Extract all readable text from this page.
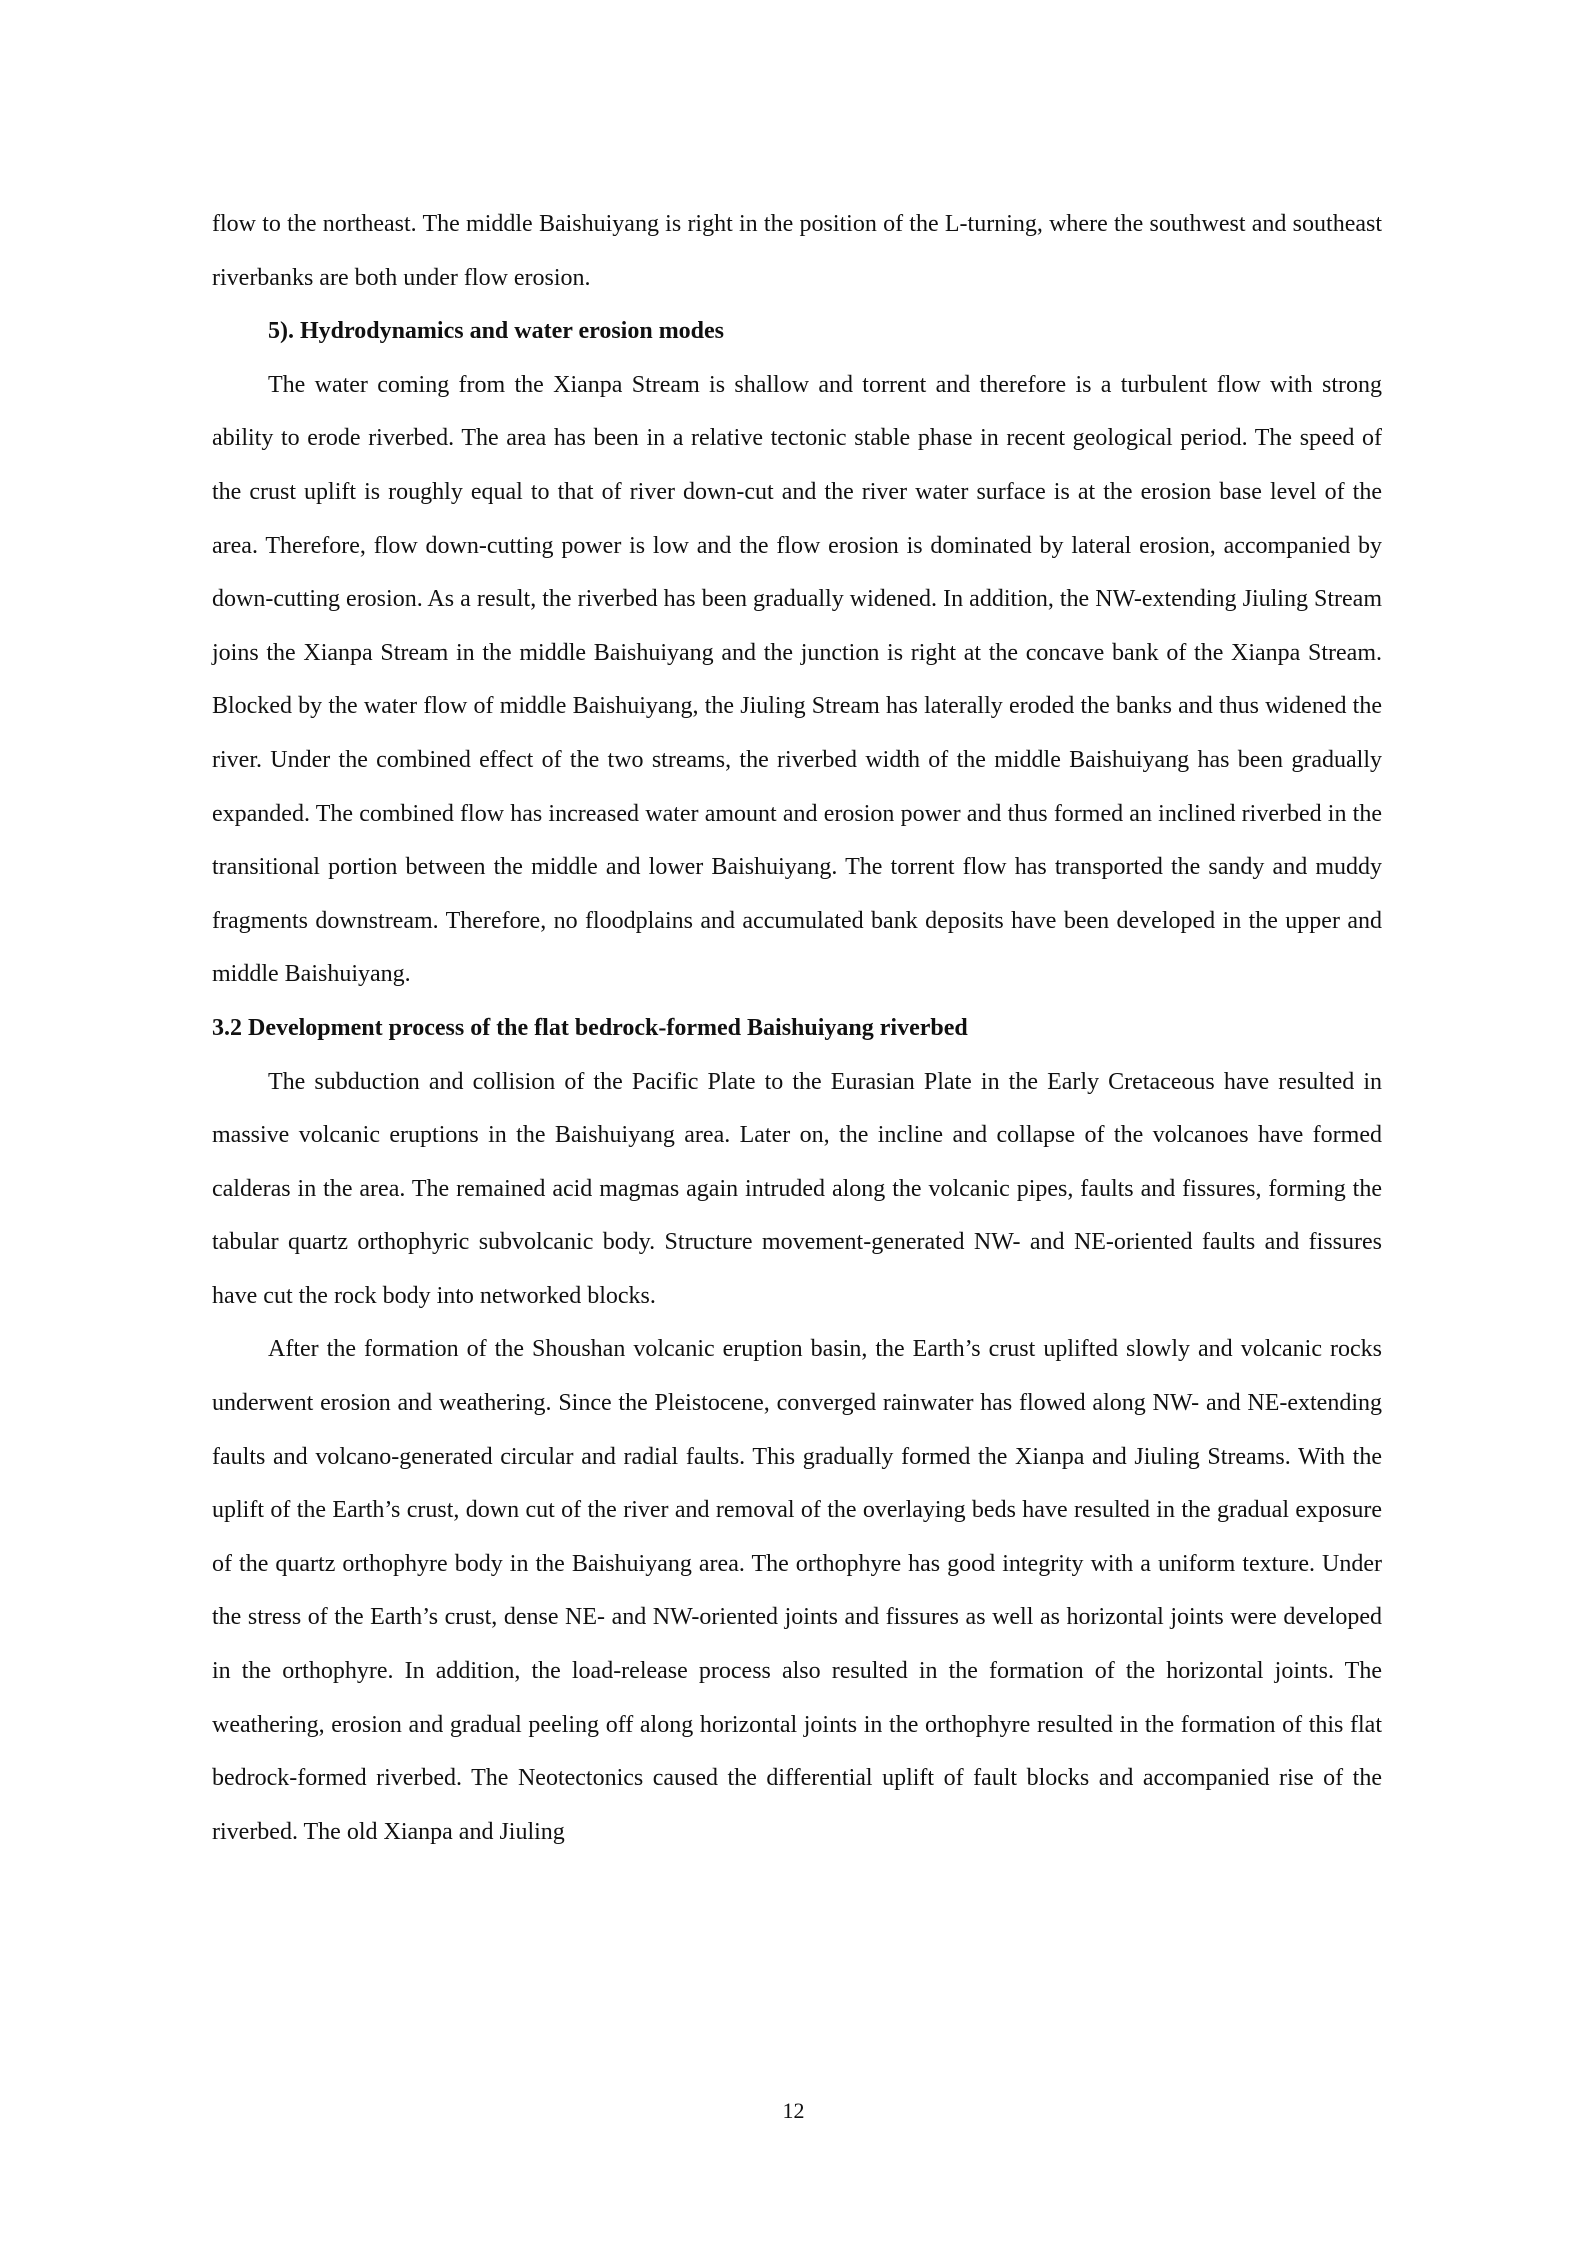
flow to the northeast. The middle Baishuiyang is right in the position of the L-turning, where the southwest and southeast riverbanks are both under flow erosion.

5). Hydrodynamics and water erosion modes

The water coming from the Xianpa Stream is shallow and torrent and therefore is a turbulent flow with strong ability to erode riverbed. The area has been in a relative tectonic stable phase in recent geological period. The speed of the crust uplift is roughly equal to that of river down-cut and the river water surface is at the erosion base level of the area. Therefore, flow down-cutting power is low and the flow erosion is dominated by lateral erosion, accompanied by down-cutting erosion. As a result, the riverbed has been gradually widened. In addition, the NW-extending Jiuling Stream joins the Xianpa Stream in the middle Baishuiyang and the junction is right at the concave bank of the Xianpa Stream. Blocked by the water flow of middle Baishuiyang, the Jiuling Stream has laterally eroded the banks and thus widened the river. Under the combined effect of the two streams, the riverbed width of the middle Baishuiyang has been gradually expanded. The combined flow has increased water amount and erosion power and thus formed an inclined riverbed in the transitional portion between the middle and lower Baishuiyang. The torrent flow has transported the sandy and muddy fragments downstream. Therefore, no floodplains and accumulated bank deposits have been developed in the upper and middle Baishuiyang.

3.2 Development process of the flat bedrock-formed Baishuiyang riverbed

The subduction and collision of the Pacific Plate to the Eurasian Plate in the Early Cretaceous have resulted in massive volcanic eruptions in the Baishuiyang area. Later on, the incline and collapse of the volcanoes have formed calderas in the area. The remained acid magmas again intruded along the volcanic pipes, faults and fissures, forming the tabular quartz orthophyric subvolcanic body. Structure movement-generated NW- and NE-oriented faults and fissures have cut the rock body into networked blocks.

After the formation of the Shoushan volcanic eruption basin, the Earth’s crust uplifted slowly and volcanic rocks underwent erosion and weathering. Since the Pleistocene, converged rainwater has flowed along NW- and NE-extending faults and volcano-generated circular and radial faults. This gradually formed the Xianpa and Jiuling Streams. With the uplift of the Earth’s crust, down cut of the river and removal of the overlaying beds have resulted in the gradual exposure of the quartz orthophyre body in the Baishuiyang area. The orthophyre has good integrity with a uniform texture. Under the stress of the Earth’s crust, dense NE- and NW-oriented joints and fissures as well as horizontal joints were developed in the orthophyre. In addition, the load-release process also resulted in the formation of the horizontal joints. The weathering, erosion and gradual peeling off along horizontal joints in the orthophyre resulted in the formation of this flat bedrock-formed riverbed. The Neotectonics caused the differential uplift of fault blocks and accompanied rise of the riverbed. The old Xianpa and Jiuling

12
